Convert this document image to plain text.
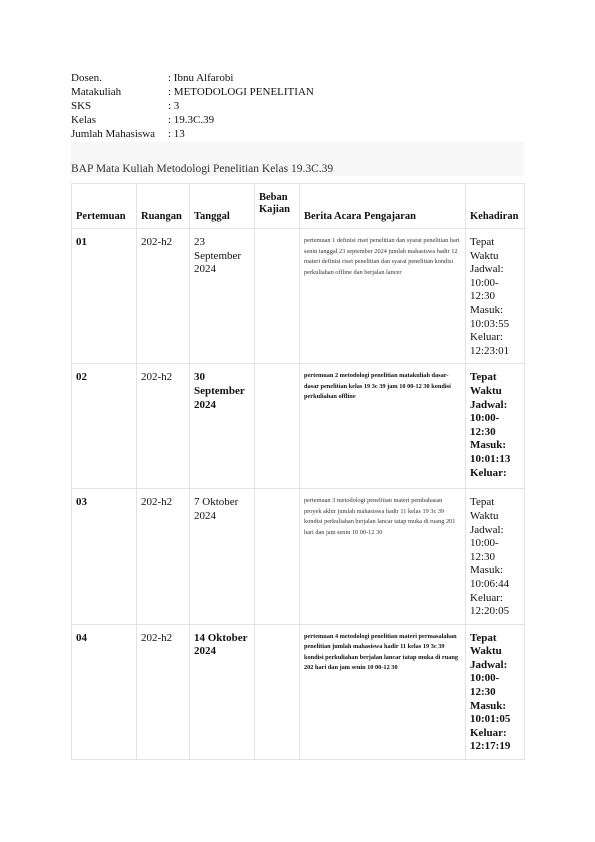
Dosen.	: Ibnu Alfarobi
Matakuliah	: METODOLOGI PENELITIAN
SKS	: 3
Kelas	: 19.3C.39
Jumlah Mahasiswa	: 13
BAP Mata Kuliah Metodologi Penelitian Kelas 19.3C.39
Pertemuan	Ruangan	Tanggal	Beban Kajian	Berita Acara Pengajaran	Kehadiran
01	202-h2	23 September 2024		pertemuan 1 definisi riset penelitian dan syarat penelitian hari senin tanggal 23 september 2024 jumlah mahasiswa hadir 12 materi definisi riset penelitian dan syarat penelitian kondisi perkuliahan offline dan berjalan lancer	Tepat Waktu Jadwal: 10:00-12:30 Masuk: 10:03:55 Keluar: 12:23:01
02	202-h2	30 September 2024		pertemuan 2 metodologi penelitian matakuliah dasar-dasar penelitian kelas 19 3c 39 jam 10 00-12 30 kondisi perkuliahan offline	Tepat Waktu Jadwal: 10:00-12:30 Masuk: 10:01:13 Keluar:
03	202-h2	7 Oktober 2024		pertemuan 3 metodologi penelitian materi pembahasan proyek akhir jumlah mahasiswa hadir 11 kelas 19 3c 39 kondisi perkuliahan berjalan lancar tatap muka di ruang 201 hari dan jam senin 10 00-12 30	Tepat Waktu Jadwal: 10:00-12:30 Masuk: 10:06:44 Keluar: 12:20:05
04	202-h2	14 Oktober 2024		pertemuan 4 metodologi penelitian materi permasalahan penelitian jumlah mahasiswa hadir 11 kelas 19 3c 39 kondisi perkuliahan berjalan lancar tatap muka di ruang 202 hari dan jam senin 10 00-12 30	Tepat Waktu Jadwal: 10:00-12:30 Masuk: 10:01:05 Keluar: 12:17:19
